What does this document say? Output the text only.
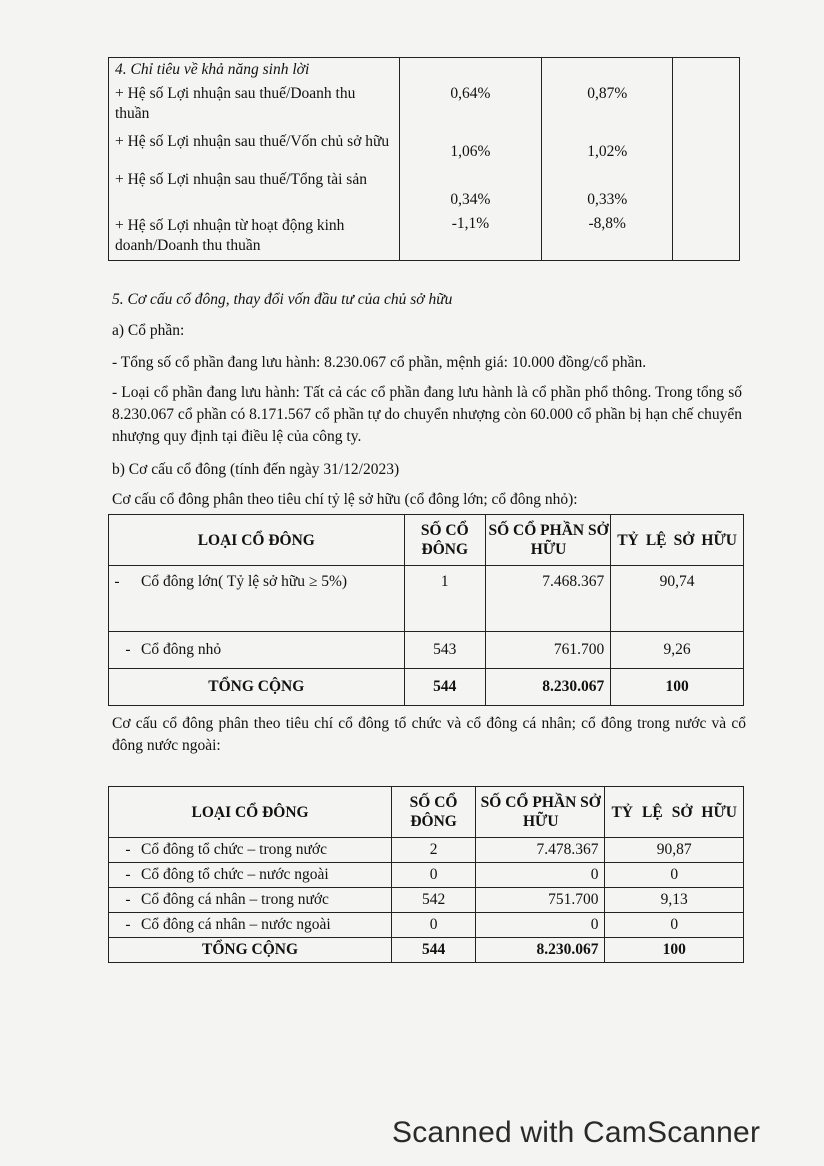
4. Chỉ tiêu về khả năng sinh lời			
+ Hệ số Lợi nhuận sau thuế/Doanh thu thuần	0,64%	0,87%	
+ Hệ số Lợi nhuận sau thuế/Vốn chủ sở hữu	1,06%	1,02%	
+ Hệ số Lợi nhuận sau thuế/Tổng tài sản	0,34%	0,33%	
+ Hệ số Lợi nhuận từ hoạt động kinh doanh/Doanh thu thuần	-1,1%	-8,8%	
5. Cơ cấu cổ đông, thay đổi vốn đầu tư của chủ sở hữu
a) Cổ phần:
- Tổng số cổ phần đang lưu hành: 8.230.067 cổ phần, mệnh giá: 10.000 đồng/cổ phần.
- Loại cổ phần đang lưu hành: Tất cả các cổ phần đang lưu hành là cổ phần phổ thông. Trong tổng số 8.230.067 cổ phần có 8.171.567 cổ phần tự do chuyển nhượng còn 60.000 cổ phần bị hạn chế chuyển nhượng quy định tại điều lệ của công ty.
b) Cơ cấu cổ đông (tính đến ngày 31/12/2023)
Cơ cấu cổ đông phân theo tiêu chí tỷ lệ sở hữu (cổ đông lớn; cổ đông nhỏ):
LOẠI CỔ ĐÔNG	SỐ CỔ ĐÔNG	SỐ CỔ PHẦN SỞ HỮU	TỶ LỆ SỞ HỮU
- Cổ đông lớn( Tỷ lệ sở hữu ≥ 5%)	1	7.468.367	90,74
- Cổ đông nhỏ	543	761.700	9,26
TỔNG CỘNG	544	8.230.067	100
Cơ cấu cổ đông phân theo tiêu chí cổ đông tổ chức và cổ đông cá nhân; cổ đông trong nước và cổ đông nước ngoài:
LOẠI CỔ ĐÔNG	SỐ CỔ ĐÔNG	SỐ CỔ PHẦN SỞ HỮU	TỶ LỆ SỞ HỮU
- Cổ đông tổ chức – trong nước	2	7.478.367	90,87
- Cổ đông tổ chức – nước ngoài	0	0	0
- Cổ đông cá nhân – trong nước	542	751.700	9,13
- Cổ đông cá nhân – nước ngoài	0	0	0
TỔNG CỘNG	544	8.230.067	100
Scanned with CamScanner
